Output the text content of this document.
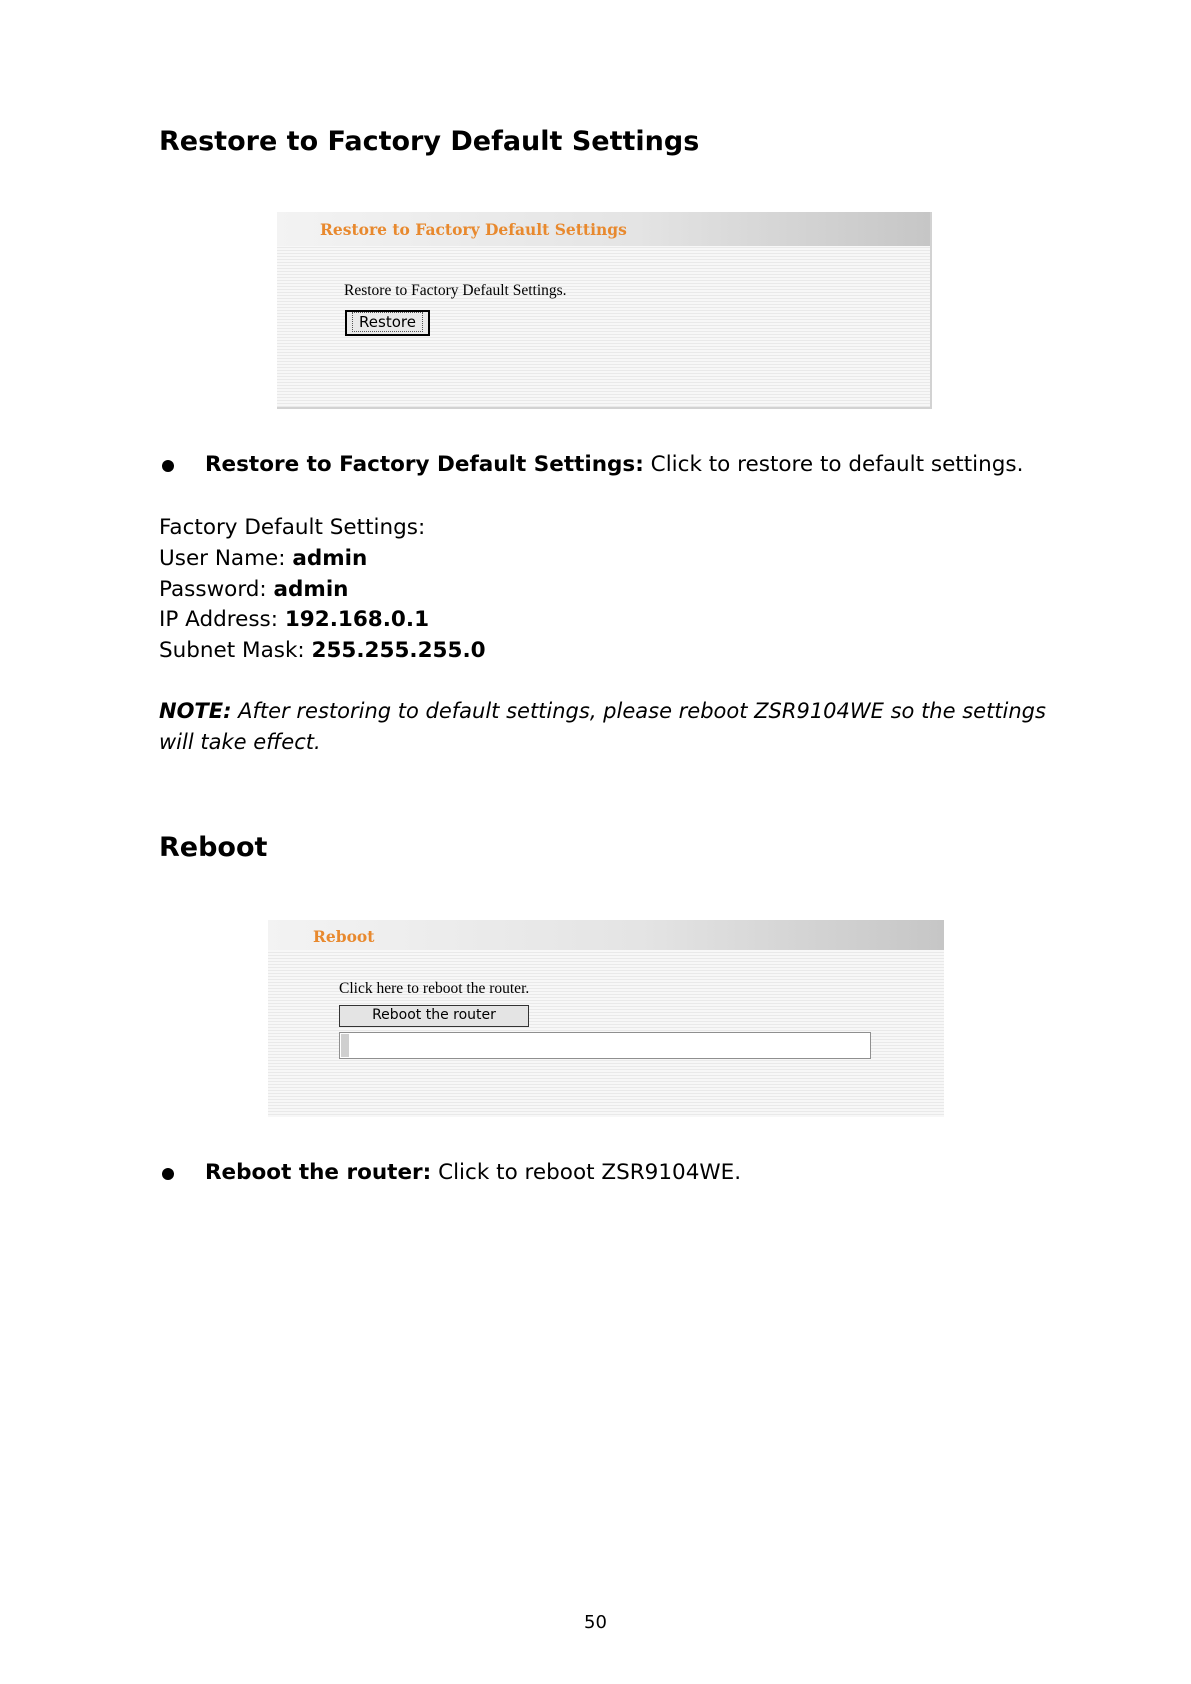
Restore to Factory Default Settings
Restore to Factory Default Settings
Restore to Factory Default Settings.
Restore
Restore to Factory Default Settings: Click to restore to default settings.
Factory Default Settings:
User Name: admin
Password: admin
IP Address: 192.168.0.1
Subnet Mask: 255.255.255.0
NOTE: After restoring to default settings, please reboot ZSR9104WE so the settings
will take effect.
Reboot
Reboot
Click here to reboot the router.
Reboot the router
Reboot the router: Click to reboot ZSR9104WE.
50
